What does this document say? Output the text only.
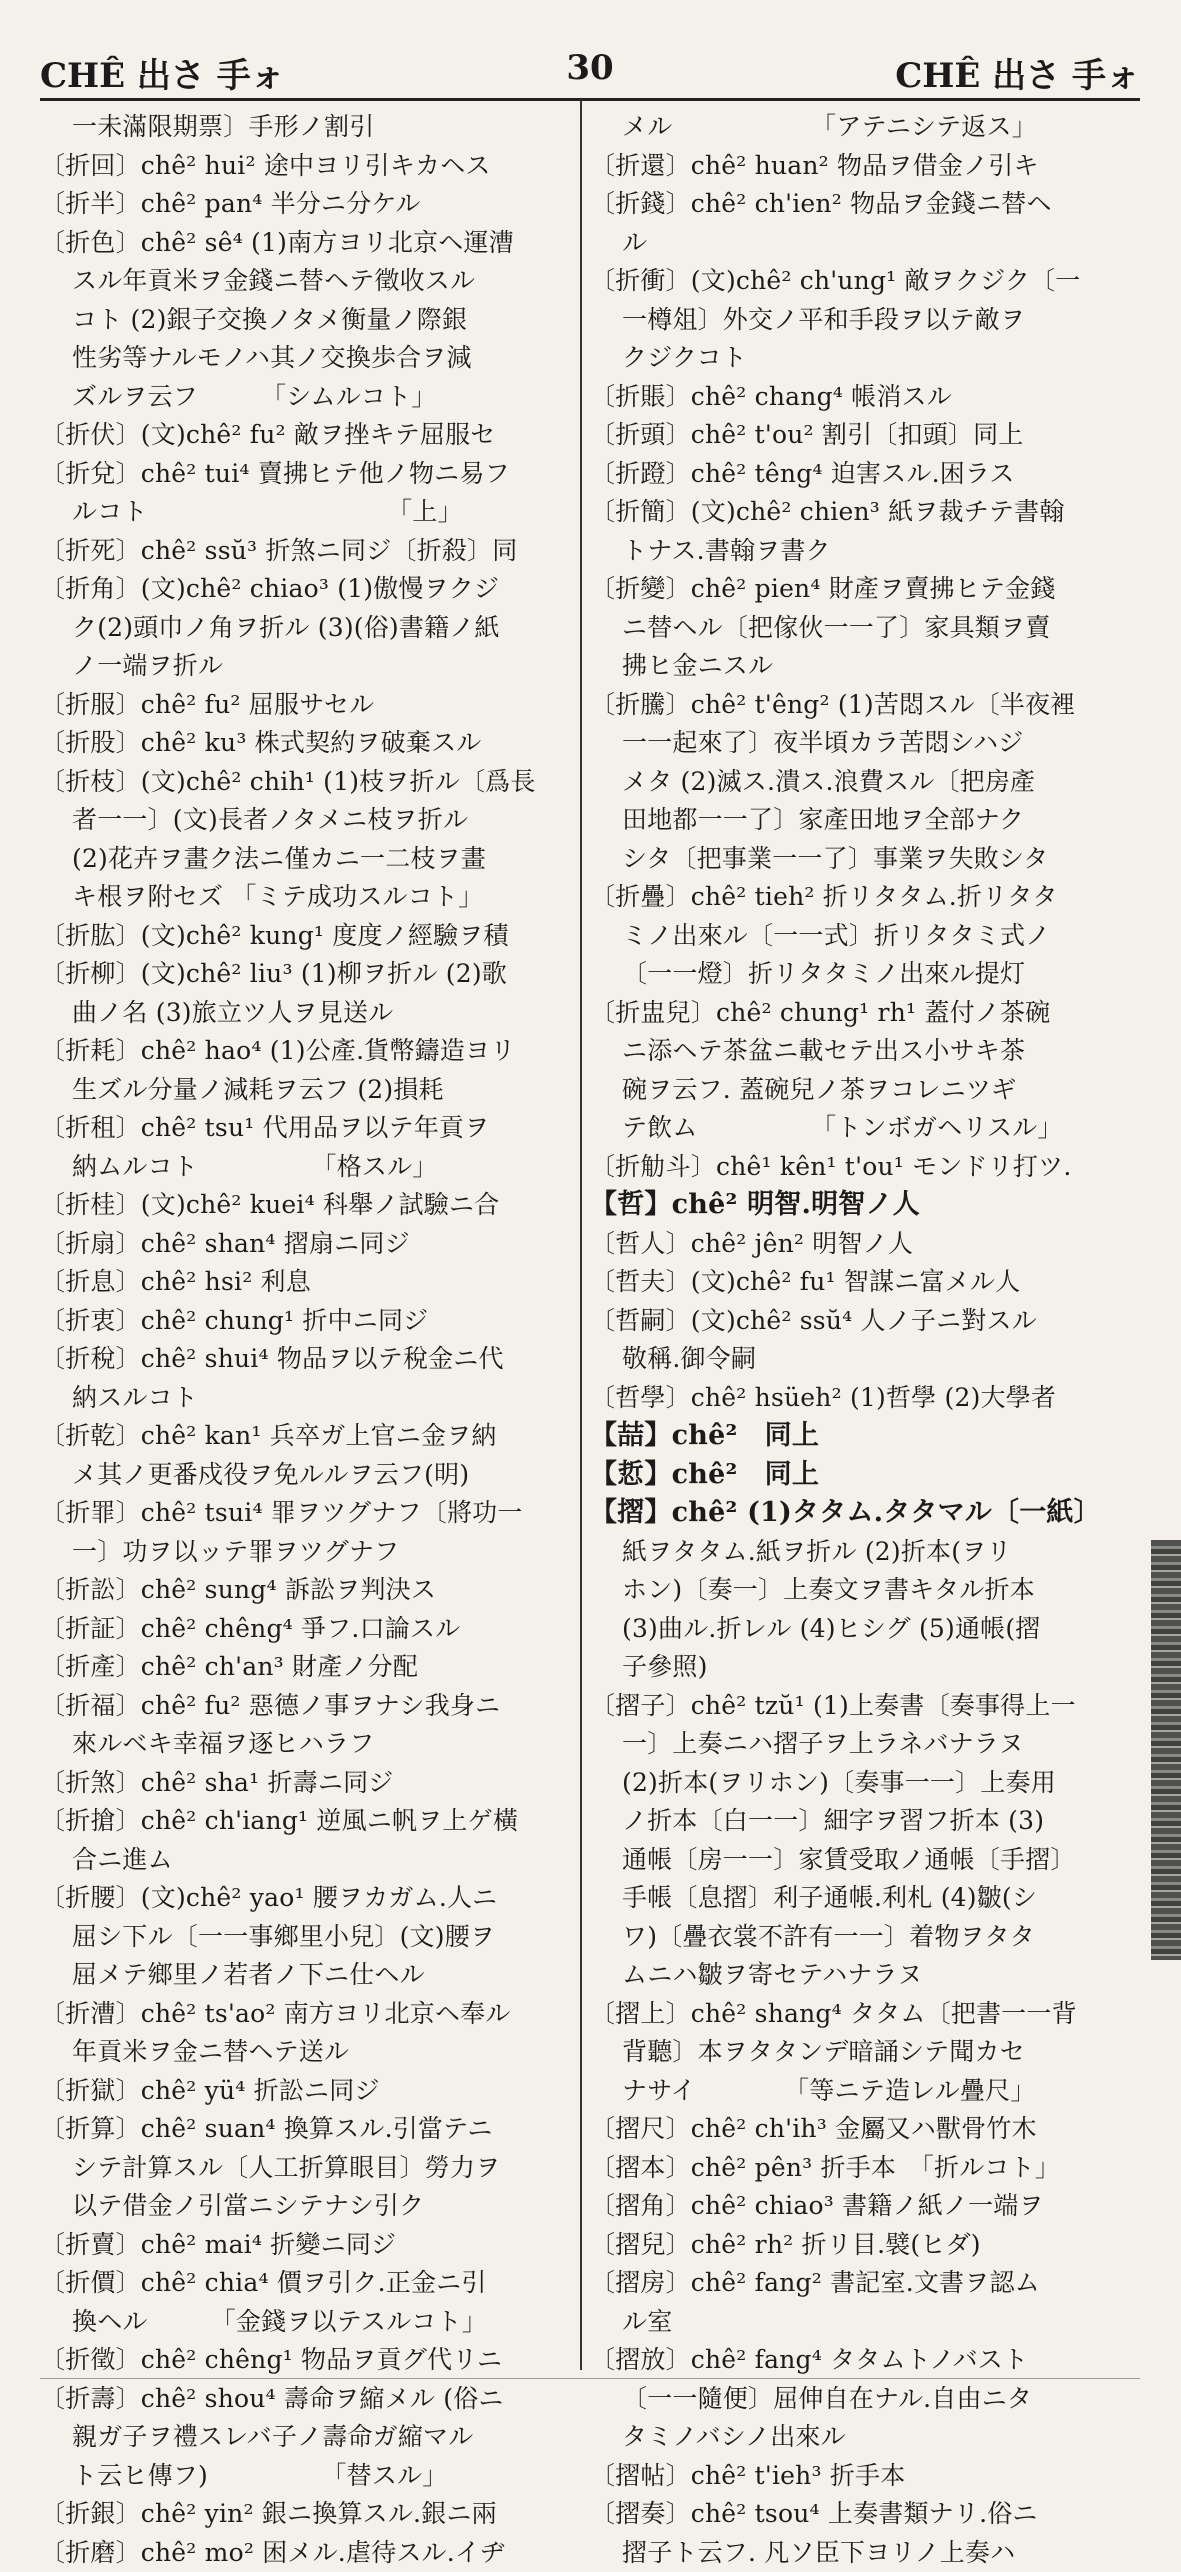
CHÊ 出さ 手ォ	30	CHÊ 出さ 手ォ
一未滿限期票〕手形ノ割引
〔折回〕chê² hui² 途中ヨリ引キカヘス
〔折半〕chê² pan⁴ 半分ニ分ケル
〔折色〕chê² sê⁴ (1)南方ヨリ北京ヘ運漕
スル年貢米ヲ金錢ニ替ヘテ徵收スル
コト (2)銀子交換ノタメ衡量ノ際銀
性劣等ナルモノハ其ノ交換歩合ヲ減
ズルヲ云フ　　　「シムルコト」
〔折伏〕(文)chê² fu² 敵ヲ挫キテ屈服セ
〔折兌〕chê² tui⁴ 賣拂ヒテ他ノ物ニ易フ
ルコト　　　　　　　　　　「上」
〔折死〕chê² ssŭ³ 折煞ニ同ジ〔折殺〕同
〔折角〕(文)chê² chiao³ (1)傲慢ヲクジ
ク(2)頭巾ノ角ヲ折ル (3)(俗)書籍ノ紙
ノ一端ヲ折ル
〔折服〕chê² fu² 屈服サセル
〔折股〕chê² ku³ 株式契約ヲ破棄スル
〔折枝〕(文)chê² chih¹ (1)枝ヲ折ル〔爲長
者一一〕(文)長者ノタメニ枝ヲ折ル
(2)花卉ヲ畫ク法ニ僅カニ一二枝ヲ畫
キ根ヲ附セズ 「ミテ成功スルコト」
〔折肱〕(文)chê² kung¹ 度度ノ經驗ヲ積
〔折柳〕(文)chê² liu³ (1)柳ヲ折ル (2)歌
曲ノ名 (3)旅立ツ人ヲ見送ル
〔折耗〕chê² hao⁴ (1)公產.貨幣鑄造ヨリ
生ズル分量ノ減耗ヲ云フ (2)損耗
〔折租〕chê² tsu¹ 代用品ヲ以テ年貢ヲ
納ムルコト　　　　　「格スル」
〔折桂〕(文)chê² kuei⁴ 科舉ノ試驗ニ合
〔折扇〕chê² shan⁴ 摺扇ニ同ジ
〔折息〕chê² hsi² 利息
〔折衷〕chê² chung¹ 折中ニ同ジ
〔折稅〕chê² shui⁴ 物品ヲ以テ稅金ニ代
納スルコト
〔折乾〕chê² kan¹ 兵卒ガ上官ニ金ヲ納
メ其ノ更番戍役ヲ免ルルヲ云フ(明)
〔折罪〕chê² tsui⁴ 罪ヲツグナフ〔將功一
一〕功ヲ以ッテ罪ヲツグナフ
〔折訟〕chê² sung⁴ 訴訟ヲ判決ス
〔折証〕chê² chêng⁴ 爭フ.口論スル
〔折產〕chê² ch'an³ 財產ノ分配
〔折福〕chê² fu² 惡德ノ事ヲナシ我身ニ
來ルベキ幸福ヲ逐ヒハラフ
〔折煞〕chê² sha¹ 折壽ニ同ジ
〔折搶〕chê² ch'iang¹ 逆風ニ帆ヲ上ゲ橫
合ニ進ム
〔折腰〕(文)chê² yao¹ 腰ヲカガム.人ニ
屈シ下ル〔一一事鄉里小兒〕(文)腰ヲ
屈メテ鄉里ノ若者ノ下ニ仕ヘル
〔折漕〕chê² ts'ao² 南方ヨリ北京ヘ奉ル
年貢米ヲ金ニ替ヘテ送ル
〔折獄〕chê² yü⁴ 折訟ニ同ジ
〔折算〕chê² suan⁴ 換算スル.引當テニ
シテ計算スル〔人工折算眼目〕勞力ヲ
以テ借金ノ引當ニシテナシ引ク
〔折賣〕chê² mai⁴ 折變ニ同ジ
〔折價〕chê² chia⁴ 價ヲ引ク.正金ニ引
換ヘル　　　「金錢ヲ以テスルコト」
〔折徵〕chê² chêng¹ 物品ヲ貢グ代リニ
〔折壽〕chê² shou⁴ 壽命ヲ縮メル (俗ニ
親ガ子ヲ禮スレバ子ノ壽命ガ縮マル
ト云ヒ傳フ)　　　　　「替スル」
〔折銀〕chê² yin² 銀ニ換算スル.銀ニ兩
〔折磨〕chê² mo² 困メル.虐待スル.イヂ
メル　　　　　　「アテニシテ返ス」
〔折還〕chê² huan² 物品ヲ借金ノ引キ
〔折錢〕chê² ch'ien² 物品ヲ金錢ニ替ヘ
ル
〔折衝〕(文)chê² ch'ung¹ 敵ヲクジク〔一
一樽俎〕外交ノ平和手段ヲ以テ敵ヲ
クジクコト
〔折賬〕chê² chang⁴ 帳消スル
〔折頭〕chê² t'ou² 割引〔扣頭〕同上
〔折蹬〕chê² têng⁴ 迫害スル.困ラス
〔折簡〕(文)chê² chien³ 紙ヲ裁チテ書翰
トナス.書翰ヲ書ク
〔折變〕chê² pien⁴ 財產ヲ賣拂ヒテ金錢
ニ替ヘル〔把傢伙一一了〕家具類ヲ賣
拂ヒ金ニスル
〔折騰〕chê² t'êng² (1)苦悶スル〔半夜裡
一一起來了〕夜半頃カラ苦悶シハジ
メタ (2)滅ス.潰ス.浪費スル〔把房產
田地都一一了〕家產田地ヲ全部ナク
シタ〔把事業一一了〕事業ヲ失敗シタ
〔折疊〕chê² tieh² 折リタタム.折リタタ
ミノ出來ル〔一一式〕折リタタミ式ノ
〔一一燈〕折リタタミノ出來ル提灯
〔折盅兒〕chê² chung¹ rh¹ 蓋付ノ茶碗
ニ添ヘテ茶盆ニ載セテ出ス小サキ茶
碗ヲ云フ. 蓋碗兒ノ茶ヲコレニツギ
テ飲ム　　　　　「トンボガヘリスル」
〔折觔斗〕chê¹ kên¹ t'ou¹ モンドリ打ツ.
【哲】chê² 明智.明智ノ人
〔哲人〕chê² jên² 明智ノ人
〔哲夫〕(文)chê² fu¹ 智謀ニ富メル人
〔哲嗣〕(文)chê² ssŭ⁴ 人ノ子ニ對スル
敬稱.御令嗣
〔哲學〕chê² hsüeh² (1)哲學 (2)大學者
【喆】chê²　同上
【悊】chê²　同上
【摺】chê² (1)タタム.タタマル〔一紙〕
紙ヲタタム.紙ヲ折ル (2)折本(ヲリ
ホン)〔奏一〕上奏文ヲ書キタル折本
(3)曲ル.折レル (4)ヒシグ (5)通帳(摺
子參照)
〔摺子〕chê² tzŭ¹ (1)上奏書〔奏事得上一
一〕上奏ニハ摺子ヲ上ラネバナラヌ
(2)折本(ヲリホン)〔奏事一一〕上奏用
ノ折本〔白一一〕細字ヲ習フ折本 (3)
通帳〔房一一〕家賃受取ノ通帳〔手摺〕
手帳〔息摺〕利子通帳.利札 (4)皺(シ
ワ)〔疊衣裳不許有一一〕着物ヲタタ
ムニハ皺ヲ寄セテハナラヌ
〔摺上〕chê² shang⁴ タタム〔把書一一背
背聽〕本ヲタタンデ暗誦シテ聞カセ
ナサイ　　　　「等ニテ造レル疊尺」
〔摺尺〕chê² ch'ih³ 金屬又ハ獸骨竹木
〔摺本〕chê² pên³ 折手本　「折ルコト」
〔摺角〕chê² chiao³ 書籍ノ紙ノ一端ヲ
〔摺兒〕chê² rh² 折リ目.襞(ヒダ)
〔摺房〕chê² fang² 書記室.文書ヲ認ム
ル室
〔摺放〕chê² fang⁴ タタムトノバスト
〔一一隨便〕屈伸自在ナル.自由ニタ
タミノバシノ出來ル
〔摺帖〕chê² t'ieh³ 折手本
〔摺奏〕chê² tsou⁴ 上奏書類ナリ.俗ニ
摺子ト云フ. 凡ソ臣下ヨリノ上奏ハ
